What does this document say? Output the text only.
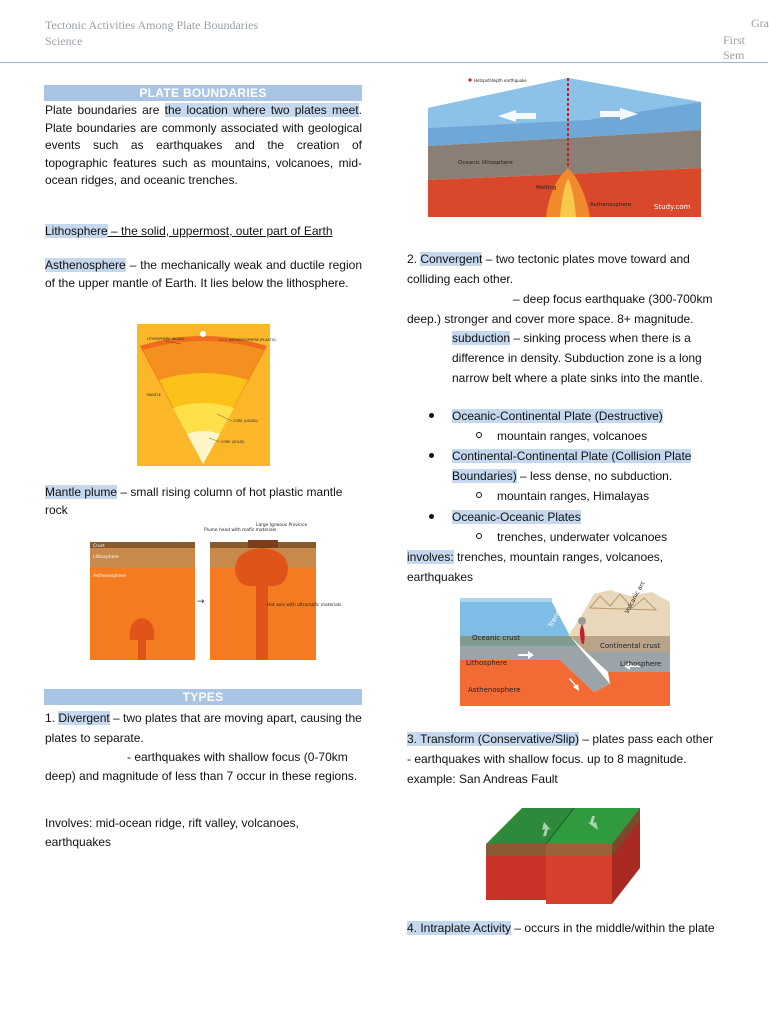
Tectonic Activities Among Plate Boundaries
Science
Gra
First Sem
PLATE BOUNDARIES
Plate boundaries are the location where two plates meet. Plate boundaries are commonly associated with geological events such as earthquakes and the creation of topographic features such as mountains, volcanoes, mid-ocean ridges, and oceanic trenches.
Lithosphere – the solid, uppermost, outer part of Earth
Asthenosphere – the mechanically weak and ductile region of the upper mantle of Earth. It lies below the lithosphere.
LITHOSPHERE (RIGID)	ASTHENOSPHERE (PLASTIC)
MANTLE
CORE (LIQUID)
CORE (SOLID)
Mantle plume – small rising column of hot plastic mantle rock
→
Crust
Lithosphere
Asthenosphere
Plume head with mafic materials
Large Igneous Province
Hot axis with ultramafic materials
TYPES
1. Divergent – two plates that are moving apart, causing the plates to separate.
- earthquakes with shallow focus (0-70km deep) and magnitude of less than 7 occur in these regions.
Involves: mid-ocean ridge, rift valley, volcanoes, earthquakes
Hotspot/depth earthquake
Oceanic lithosphere
Melting
Asthenosphere	Study.com
2. Convergent – two tectonic plates move toward and colliding each other.
– deep focus earthquake (300-700km deep.) stronger and cover more space. 8+ magnitude.
subduction – sinking process when there is a difference in density. Subduction zone is a long narrow belt where a plate sinks into the mantle.
Oceanic-Continental Plate (Destructive)
mountain ranges, volcanoes
Continental-Continental Plate (Collision Plate Boundaries) – less dense, no subduction.
mountain ranges, Himalayas
Oceanic-Oceanic Plates
trenches, underwater volcanoes
involves: trenches, mountain ranges, volcanoes, earthquakes
Oceanic crust
Trench
Volcanic arc
Continental crust
Lithosphere	Lithosphere
Asthenosphere
3. Transform (Conservative/Slip) – plates pass each other
- earthquakes with shallow focus. up to 8 magnitude.
example: San Andreas Fault
4. Intraplate Activity – occurs in the middle/within the plate
